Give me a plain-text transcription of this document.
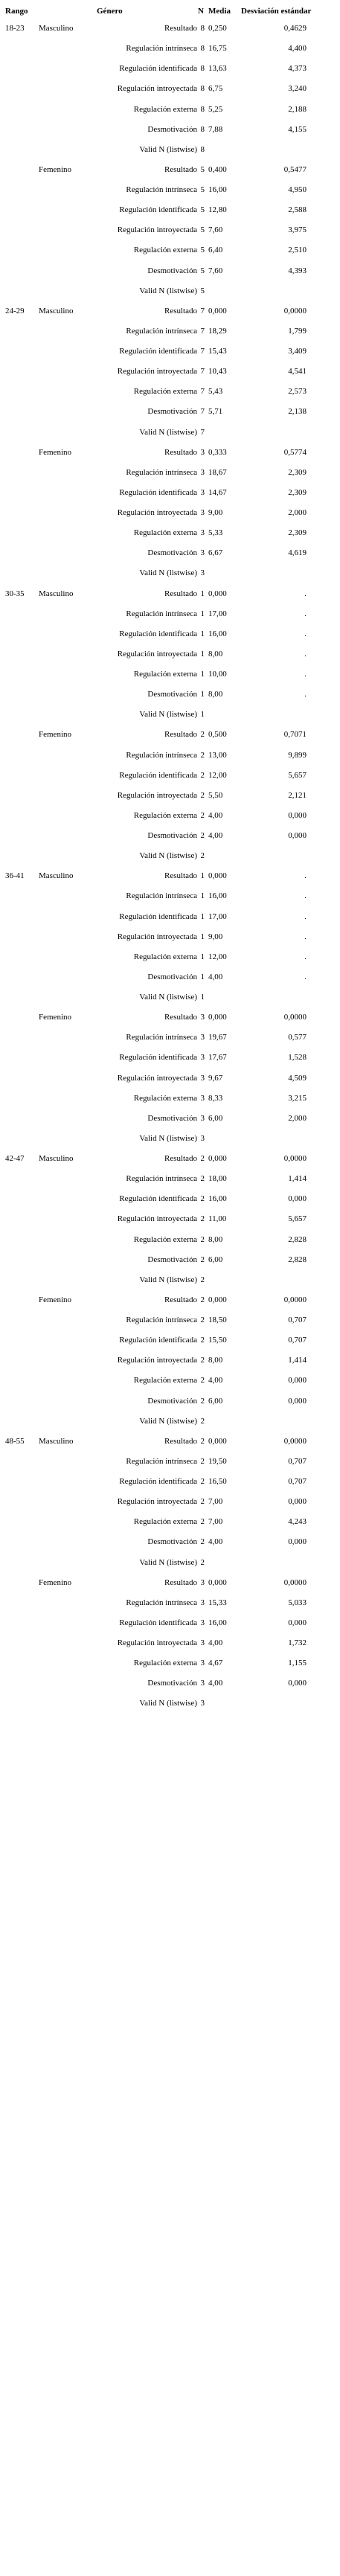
Rango	Género	N Media Desviación estándar
18-23 Masculino	Resultado 8 0,250	0,4629
Regulación intrínseca 8 16,75	4,400
Regulación identificada 8 13,63	4,373
Regulación introyectada 8 6,75	3,240
Regulación externa 8 5,25	2,188
Desmotivación 8 7,88	4,155
Valid N (listwise) 8
Femenino	Resultado 5 0,400	0,5477
Regulación intrínseca 5 16,00	4,950
Regulación identificada 5 12,80	2,588
Regulación introyectada 5 7,60	3,975
Regulación externa 5 6,40	2,510
Desmotivación 5 7,60	4,393
Valid N (listwise) 5
24-29 Masculino	Resultado 7 0,000	0,0000
Regulación intrínseca 7 18,29	1,799
Regulación identificada 7 15,43	3,409
Regulación introyectada 7 10,43	4,541
Regulación externa 7 5,43	2,573
Desmotivación 7 5,71	2,138
Valid N (listwise) 7
Femenino	Resultado 3 0,333	0,5774
Regulación intrínseca 3 18,67	2,309
Regulación identificada 3 14,67	2,309
Regulación introyectada 3 9,00	2,000
Regulación externa 3 5,33	2,309
Desmotivación 3 6,67	4,619
Valid N (listwise) 3
30-35 Masculino	Resultado 1 0,000	.
Regulación intrínseca 1 17,00	.
Regulación identificada 1 16,00	.
Regulación introyectada 1 8,00	.
Regulación externa 1 10,00	.
Desmotivación 1 8,00	.
Valid N (listwise) 1
Femenino	Resultado 2 0,500	0,7071
Regulación intrínseca 2 13,00	9,899
Regulación identificada 2 12,00	5,657
Regulación introyectada 2 5,50	2,121
Regulación externa 2 4,00	0,000
Desmotivación 2 4,00	0,000
Valid N (listwise) 2
36-41 Masculino	Resultado 1 0,000	.
Regulación intrínseca 1 16,00	.
Regulación identificada 1 17,00	.
Regulación introyectada 1 9,00	.
Regulación externa 1 12,00	.
Desmotivación 1 4,00	.
Valid N (listwise) 1
Femenino	Resultado 3 0,000	0,0000
Regulación intrínseca 3 19,67	0,577
Regulación identificada 3 17,67	1,528
Regulación introyectada 3 9,67	4,509
Regulación externa 3 8,33	3,215
Desmotivación 3 6,00	2,000
Valid N (listwise) 3
42-47 Masculino	Resultado 2 0,000	0,0000
Regulación intrínseca 2 18,00	1,414
Regulación identificada 2 16,00	0,000
Regulación introyectada 2 11,00	5,657
Regulación externa 2 8,00	2,828
Desmotivación 2 6,00	2,828
Valid N (listwise) 2
Femenino	Resultado 2 0,000	0,0000
Regulación intrínseca 2 18,50	0,707
Regulación identificada 2 15,50	0,707
Regulación introyectada 2 8,00	1,414
Regulación externa 2 4,00	0,000
Desmotivación 2 6,00	0,000
Valid N (listwise) 2
48-55 Masculino	Resultado 2 0,000	0,0000
Regulación intrínseca 2 19,50	0,707
Regulación identificada 2 16,50	0,707
Regulación introyectada 2 7,00	0,000
Regulación externa 2 7,00	4,243
Desmotivación 2 4,00	0,000
Valid N (listwise) 2
Femenino	Resultado 3 0,000	0,0000
Regulación intrínseca 3 15,33	5,033
Regulación identificada 3 16,00	0,000
Regulación introyectada 3 4,00	1,732
Regulación externa 3 4,67	1,155
Desmotivación 3 4,00	0,000
Valid N (listwise) 3
